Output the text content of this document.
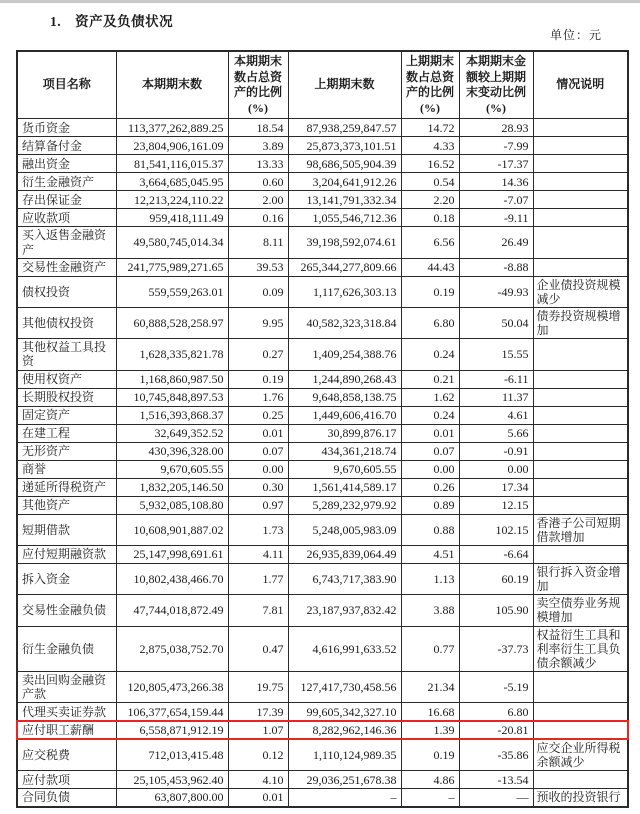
1. 资产及负债状况
单位：元
项目名称	本期期末数	本期期末数占总资产的比例(%)	上期期末数	上期期末数占总资产的比例(%)	本期期末金额较上期期末变动比例(%)	情况说明
货币资金	113,377,262,889.25	18.54	87,938,259,847.57	14.72	28.93	
结算备付金	23,804,906,161.09	3.89	25,873,373,101.51	4.33	-7.99	
融出资金	81,541,116,015.37	13.33	98,686,505,904.39	16.52	-17.37	
衍生金融资产	3,664,685,045.95	0.60	3,204,641,912.26	0.54	14.36	
存出保证金	12,213,224,110.22	2.00	13,141,791,332.34	2.20	-7.07	
应收款项	959,418,111.49	0.16	1,055,546,712.36	0.18	-9.11	
买入返售金融资产	49,580,745,014.34	8.11	39,198,592,074.61	6.56	26.49	
交易性金融资产	241,775,989,271.65	39.53	265,344,277,809.66	44.43	-8.88	
债权投资	559,559,263.01	0.09	1,117,626,303.13	0.19	-49.93	企业债投资规模减少
其他债权投资	60,888,528,258.97	9.95	40,582,323,318.84	6.80	50.04	债券投资规模增加
其他权益工具投资	1,628,335,821.78	0.27	1,409,254,388.76	0.24	15.55	
使用权资产	1,168,860,987.50	0.19	1,244,890,268.43	0.21	-6.11	
长期股权投资	10,745,848,897.53	1.76	9,648,858,138.75	1.62	11.37	
固定资产	1,516,393,868.37	0.25	1,449,606,416.70	0.24	4.61	
在建工程	32,649,352.52	0.01	30,899,876.17	0.01	5.66	
无形资产	430,396,328.00	0.07	434,361,218.74	0.07	-0.91	
商誉	9,670,605.55	0.00	9,670,605.55	0.00	0.00	
递延所得税资产	1,832,205,146.50	0.30	1,561,414,589.17	0.26	17.34	
其他资产	5,932,085,108.80	0.97	5,289,232,979.92	0.89	12.15	
短期借款	10,608,901,887.02	1.73	5,248,005,983.09	0.88	102.15	香港子公司短期借款增加
应付短期融资款	25,147,998,691.61	4.11	26,935,839,064.49	4.51	-6.64	
拆入资金	10,802,438,466.70	1.77	6,743,717,383.90	1.13	60.19	银行拆入资金增加
交易性金融负债	47,744,018,872.49	7.81	23,187,937,832.42	3.88	105.90	卖空债券业务规模增加
衍生金融负债	2,875,038,752.70	0.47	4,616,991,633.52	0.77	-37.73	权益衍生工具和利率衍生工具负债余额减少
卖出回购金融资产款	120,805,473,266.38	19.75	127,417,730,458.56	21.34	-5.19	
代理买卖证券款	106,377,654,159.44	17.39	99,605,342,327.10	16.68	6.80	
应付职工薪酬	6,558,871,912.19	1.07	8,282,962,146.36	1.39	-20.81	
应交税费	712,013,415.48	0.12	1,110,124,989.35	0.19	-35.86	应交企业所得税余额减少
应付款项	25,105,453,962.40	4.10	29,036,251,678.38	4.86	-13.54	
合同负债	63,807,800.00	0.01	–	–	—	预收的投资银行
